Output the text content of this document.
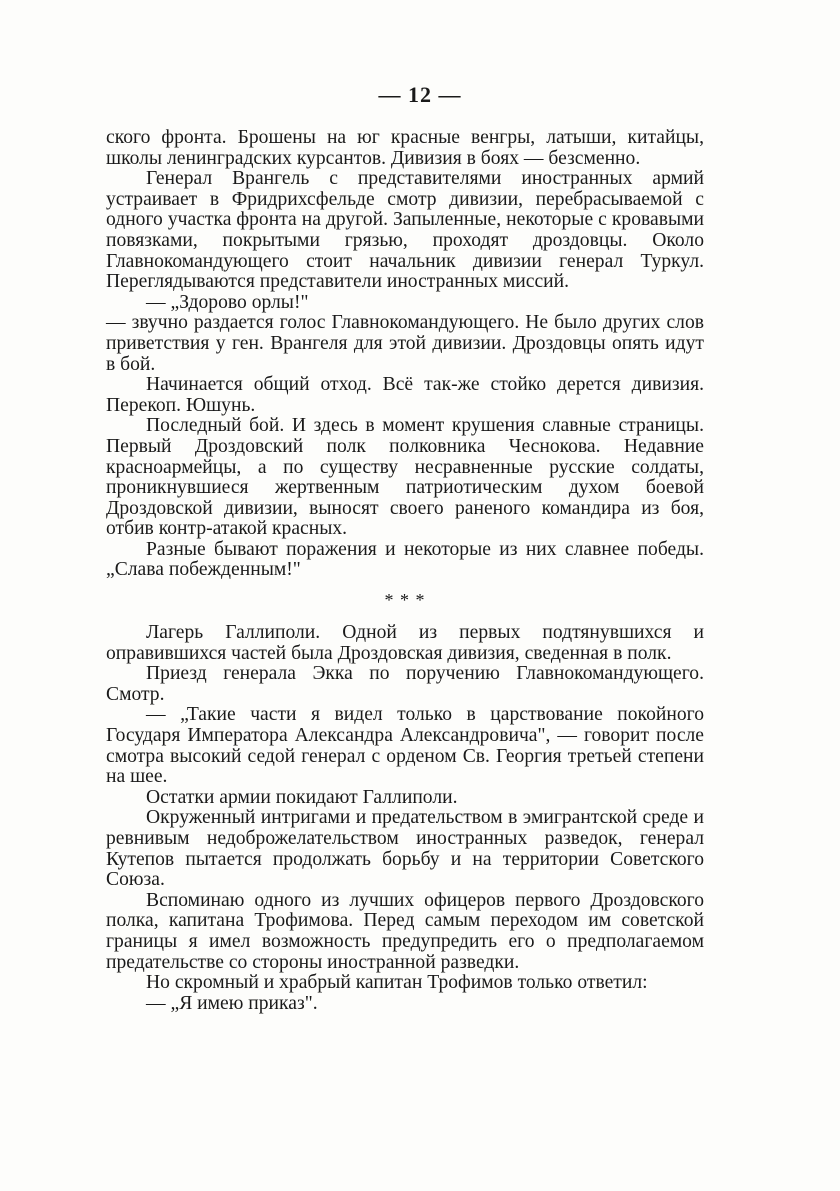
— 12 —

ского фронта. Брошены на юг красные венгры, латыши, китайцы, школы ленинградских курсантов. Дивизия в боях — безсменно.

Генерал Врангель с представителями иностранных армий устраивает в Фридрихсфельде смотр дивизии, перебрасываемой с одного участка фронта на другой. Запыленные, некоторые с кровавыми повязками, покрытыми грязью, проходят дроздовцы. Около Главнокомандующего стоит начальник дивизии генерал Туркул. Переглядываются представители иностранных миссий.

— „Здорово орлы!"

— звучно раздается голос Главнокомандующего. Не было других слов приветствия у ген. Врангеля для этой дивизии. Дроздовцы опять идут в бой.

Начинается общий отход. Всё так-же стойко дерется дивизия. Перекоп. Юшунь.

Последный бой. И здесь в момент крушения славные страницы. Первый Дроздовский полк полковника Чеснокова. Недавние красноармейцы, а по существу несравненные русские солдаты, проникнувшиеся жертвенным патриотическим духом боевой Дроздовской дивизии, выносят своего раненого командира из боя, отбив контр-атакой красных.

Разные бывают поражения и некоторые из них славнее победы. „Слава побежденным!"

* * *

Лагерь Галлиполи. Одной из первых подтянувшихся и оправившихся частей была Дроздовская дивизия, сведенная в полк.

Приезд генерала Экка по поручению Главнокомандующего. Смотр.

— „Такие части я видел только в царствование покойного Государя Императора Александра Александровича", — говорит после смотра высокий седой генерал с орденом Св. Георгия третьей степени на шее.

Остатки армии покидают Галлиполи.

Окруженный интригами и предательством в эмигрантской среде и ревнивым недоброжелательством иностранных разведок, генерал Кутепов пытается продолжать борьбу и на территории Советского Союза.

Вспоминаю одного из лучших офицеров первого Дроздовского полка, капитана Трофимова. Перед самым переходом им советской границы я имел возможность предупредить его о предполагаемом предательстве со стороны иностранной разведки.

Но скромный и храбрый капитан Трофимов только ответил:

— „Я имею приказ".
